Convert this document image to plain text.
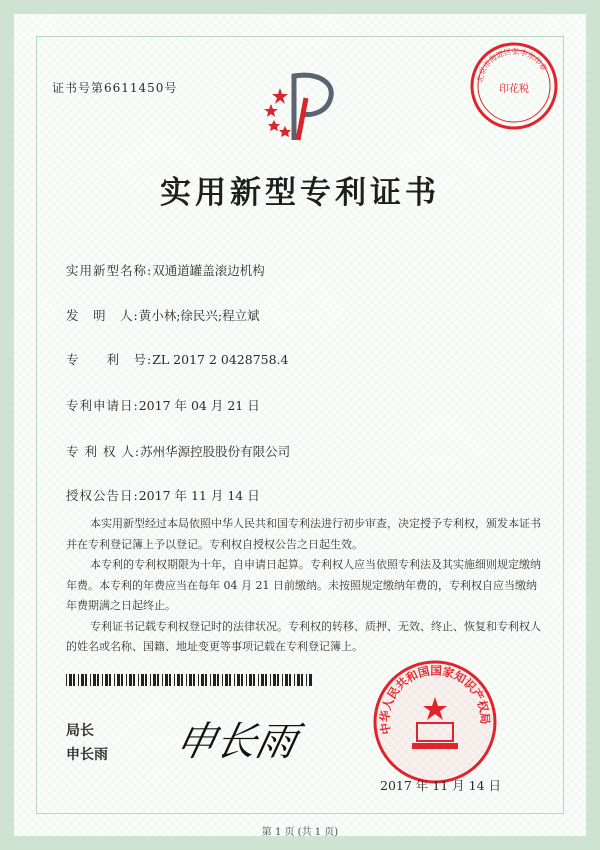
证书号第6611450号
北京市海淀区张李东印章
印花税
实用新型专利证书
实用新型名称:双通道罐盖滚边机构
发　明　人:黄小林;徐民兴;程立斌
专　　利　号:ZL 2017 2 0428758.4
专利申请日:2017 年 04 月 21 日
专 利 权 人:苏州华源控股股份有限公司
授权公告日:2017 年 11 月 14 日

本实用新型经过本局依照中华人民共和国专利法进行初步审查，决定授予专利权，颁发本证书并在专利登记簿上予以登记。专利权自授权公告之日起生效。

本专利的专利权期限为十年，自申请日起算。专利权人应当依照专利法及其实施细则规定缴纳年费。本专利的年费应当在每年 04 月 21 日前缴纳。未按照规定缴纳年费的，专利权自应当缴纳年费期满之日起终止。

专利证书记载专利权登记时的法律状况。专利权的转移、质押、无效、终止、恢复和专利权人的姓名或名称、国籍、地址变更等事项记载在专利登记簿上。

局长
申长雨 申长雨	中华人民共和国国家知识产权局
2017 年 11 月 14 日
第 1 页 (共 1 页)
